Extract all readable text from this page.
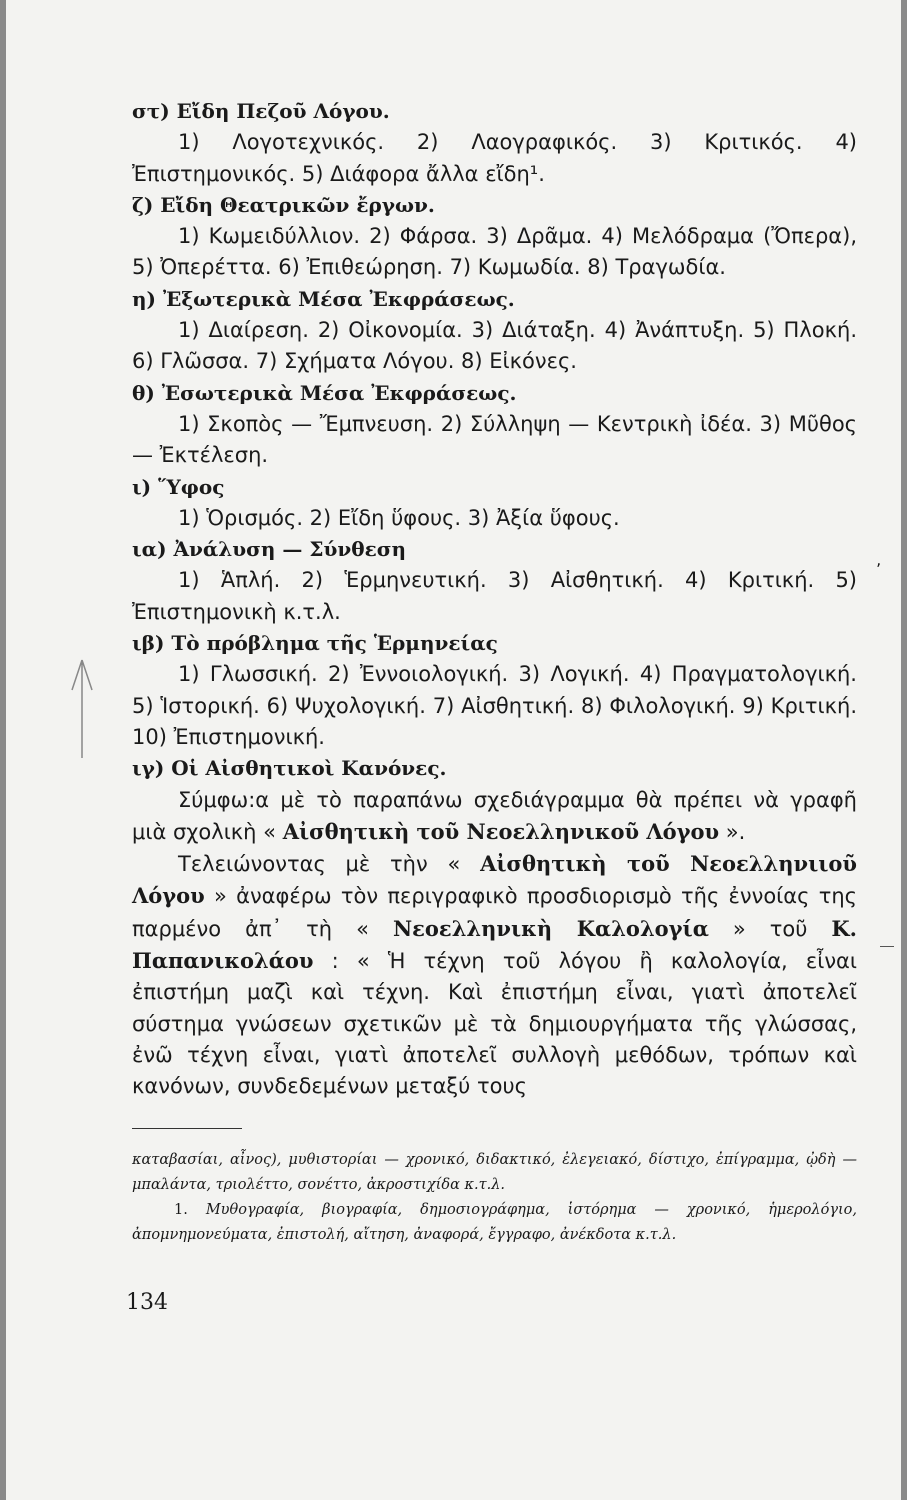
στ) Εἴδη Πεζοῦ Λόγου.

1) Λογοτεχνικός. 2) Λαογραφικός. 3) Κριτικός. 4) Ἐπιστημονικός. 5) Διάφορα ἄλλα εἴδη¹.

ζ) Εἴδη Θεατρικῶν ἔργων.

1) Κωμειδύλλιον. 2) Φάρσα. 3) Δρᾶμα. 4) Μελόδραμα (Ὄπερα), 5) Ὀπερέττα. 6) Ἐπιθεώρηση. 7) Κωμωδία. 8) Τραγωδία.

η) Ἐξωτερικὰ Μέσα Ἐκφράσεως.

1) Διαίρεση. 2) Οἰκονομία. 3) Διάταξη. 4) Ἀνάπτυξη. 5) Πλοκή. 6) Γλῶσσα. 7) Σχήματα Λόγου. 8) Εἰκόνες.

θ) Ἐσωτερικὰ Μέσα Ἐκφράσεως.

1) Σκοπὸς — Ἔμπνευση. 2) Σύλληψη — Κεντρικὴ ἰδέα. 3) Μῦθος — Ἐκτέλεση.

ι) Ὕφος

1) Ὁρισμός. 2) Εἴδη ὕφους. 3) Ἀξία ὕφους.

ια) Ἀνάλυση — Σύνθεση

1) Ἁπλή. 2) Ἑρμηνευτική. 3) Αἰσθητική. 4) Κριτική. 5) Ἐπιστημονικὴ κ.τ.λ.

ιβ) Τὸ πρόβλημα τῆς Ἑρμηνείας

1) Γλωσσική. 2) Ἐννοιολογική. 3) Λογική. 4) Πραγματολογική. 5) Ἱστορική. 6) Ψυχολογική. 7) Αἰσθητική. 8) Φιλολογική. 9) Κριτική. 10) Ἐπιστημονική.

ιγ) Οἱ Αἰσθητικοὶ Κανόνες.

Σύμφω:α μὲ τὸ παραπάνω σχεδιάγραμμα θὰ πρέπει νὰ γραφῆ μιὰ σχολικὴ « Αἰσθητικὴ τοῦ Νεοελληνικοῦ Λόγου ».

Τελειώνοντας μὲ τὴν « Αἰσθητικὴ τοῦ Νεοελληνιιοῦ Λόγου » ἀναφέρω τὸν περιγραφικὸ προσδιορισμὸ τῆς ἐννοίας της παρμένο ἀπ᾿ τὴ « Νεοελληνικὴ Καλολογία » τοῦ Κ. Παπανικολάου : « Ἡ τέχνη τοῦ λόγου ἢ καλολογία, εἶναι ἐπιστήμη μαζὶ καὶ τέχνη. Καὶ ἐπιστήμη εἶναι, γιατὶ ἀποτελεῖ σύστημα γνώσεων σχετικῶν μὲ τὰ δημιουργήματα τῆς γλώσσας, ἐνῶ τέχνη εἶναι, γιατὶ ἀποτελεῖ συλλογὴ μεθόδων, τρόπων καὶ κανόνων, συνδεδεμένων μεταξύ τους

καταβασίαι, αἶνος), μυθιστορίαι — χρονικό, διδακτικό, ἐλεγειακό, δίστιχο, ἐπίγραμμα, ᾠδὴ — μπαλάντα, τριολέττο, σονέττο, ἀκροστιχίδα κ.τ.λ.

1. Μυθογραφία, βιογραφία, δημοσιογράφημα, ἱστόρημα — χρονικό, ἡμερολόγιο, ἀπομνημονεύματα, ἐπιστολή, αἴτηση, ἀναφορά, ἔγγραφο, ἀνέκδοτα κ.τ.λ.

134
ʼ
